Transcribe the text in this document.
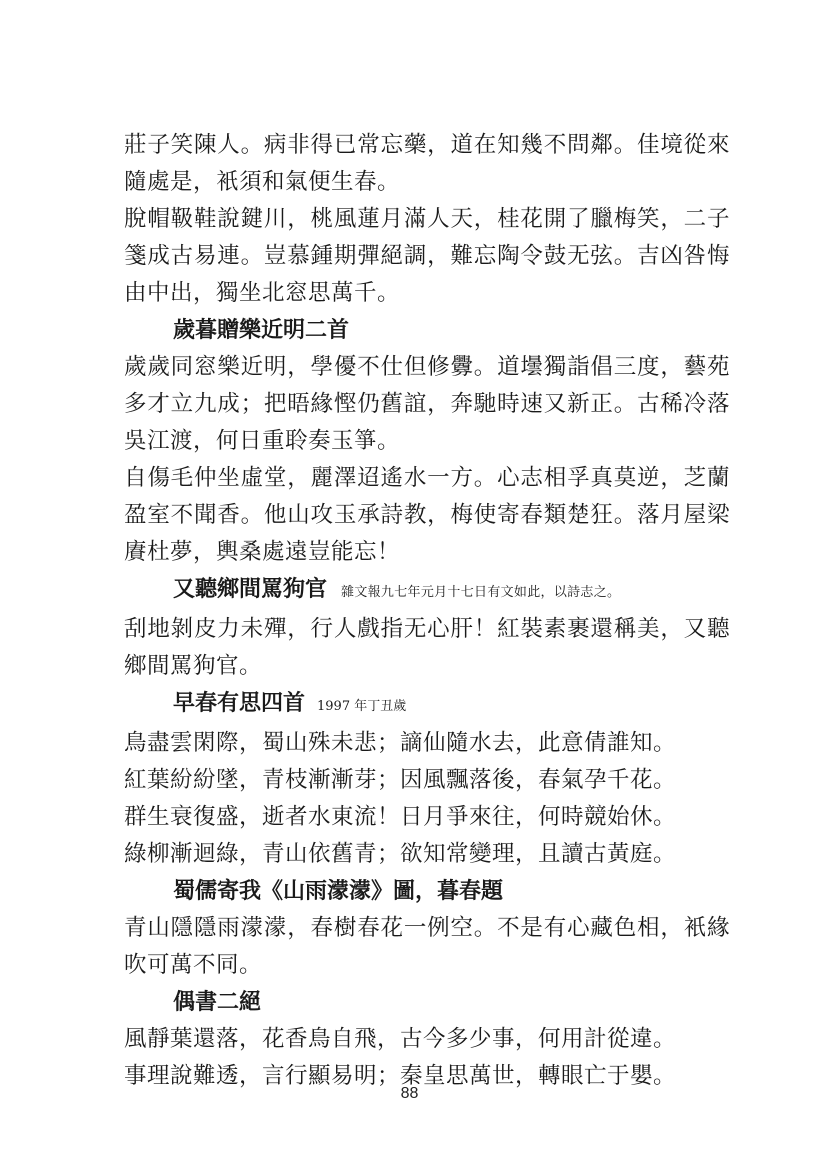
莊子笑陳人。病非得已常忘藥，道在知幾不問鄰。佳境從來隨處是，衹須和氣便生春。

脫帽靸鞋說鍵川，桃風蓮月滿人天，桂花開了臘梅笑，二子箋成古易連。豈慕鍾期彈絕調，難忘陶令鼓无弦。吉凶咎悔由中出，獨坐北窓思萬千。

歲暮贈樂近明二首

歲歲同窓樂近明，學優不仕但修釁。道壜獨詣倡三度，藝苑多才立九成；把晤緣慳仍舊誼，奔馳時速又新正。古稀冷落吳江渡，何日重聆奏玉箏。

自傷毛仲坐虛堂，麗澤迢遙水一方。心志相孚真莫逆，芝蘭盈室不聞香。他山攻玉承詩教，梅使寄春類楚狂。落月屋梁賡杜夢，輿桑處遠豈能忘！

又聽鄉間罵狗官 雜文報九七年元月十七日有文如此，以詩志之。

刮地剝皮力未殫，行人戲指无心肝！紅裝素裹還稱美，又聽鄉間罵狗官。

早春有思四首 1997 年丁丑歲

鳥盡雲閑際，蜀山殊未悲；謫仙隨水去，此意倩誰知。

紅葉紛紛墜，青枝漸漸芽；因風飄落後，春氣孕千花。

群生衰復盛，逝者水東流！日月爭來往，何時競始休。

綠柳漸迴綠，青山依舊青；欲知常變理，且讀古黃庭。

蜀儒寄我《山雨濛濛》圖，暮春題

青山隱隱雨濛濛，春樹春花一例空。不是有心藏色相，衹緣吹可萬不同。

偶書二絕

風靜葉還落，花香鳥自飛，古今多少事，何用計從違。

事理說難透，言行顯易明；秦皇思萬世，轉眼亡于嬰。

88
